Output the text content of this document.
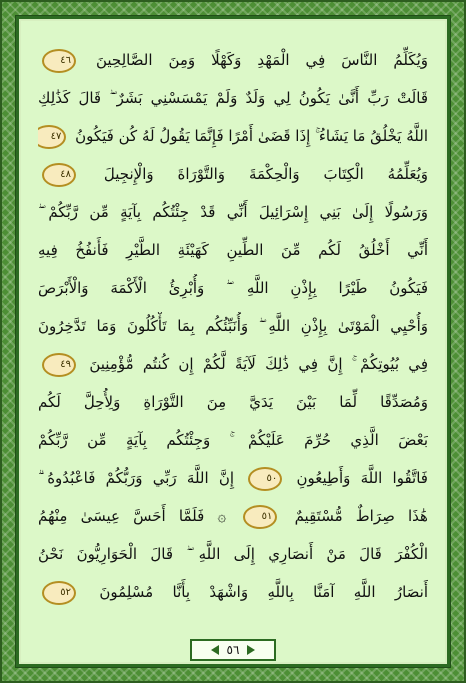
وَيُكَلِّمُ النَّاسَ فِي الْمَهْدِ وَكَهْلًا وَمِنَ الصَّالِحِينَ ٤٦
قَالَتْ رَبِّ أَنَّىٰ يَكُونُ لِي وَلَدٌ وَلَمْ يَمْسَسْنِي بَشَرٌ ۖ قَالَ كَذَٰلِكِ
اللَّهُ يَخْلُقُ مَا يَشَاءُ ۚ إِذَا قَضَىٰ أَمْرًا فَإِنَّمَا يَقُولُ لَهُ كُن فَيَكُونُ ٤٧
وَيُعَلِّمُهُ الْكِتَابَ وَالْحِكْمَةَ وَالتَّوْرَاةَ وَالْإِنجِيلَ ٤٨
وَرَسُولًا إِلَىٰ بَنِي إِسْرَائِيلَ أَنِّي قَدْ جِئْتُكُم بِآيَةٍ مِّن رَّبِّكُمْ ۖ
أَنِّي أَخْلُقُ لَكُم مِّنَ الطِّينِ كَهَيْئَةِ الطَّيْرِ فَأَنفُخُ فِيهِ
فَيَكُونُ طَيْرًا بِإِذْنِ اللَّهِ ۖ وَأُبْرِئُ الْأَكْمَهَ وَالْأَبْرَصَ
وَأُحْيِي الْمَوْتَىٰ بِإِذْنِ اللَّهِ ۖ وَأُنَبِّئُكُم بِمَا تَأْكُلُونَ وَمَا تَدَّخِرُونَ
فِي بُيُوتِكُمْ ۚ إِنَّ فِي ذَٰلِكَ لَآيَةً لَّكُمْ إِن كُنتُم مُّؤْمِنِينَ ٤٩
وَمُصَدِّقًا لِّمَا بَيْنَ يَدَيَّ مِنَ التَّوْرَاةِ وَلِأُحِلَّ لَكُم
بَعْضَ الَّذِي حُرِّمَ عَلَيْكُمْ ۚ وَجِئْتُكُم بِآيَةٍ مِّن رَّبِّكُمْ
فَاتَّقُوا اللَّهَ وَأَطِيعُونِ ٥٠ إِنَّ اللَّهَ رَبِّي وَرَبُّكُمْ فَاعْبُدُوهُ ۗ
هَٰذَا صِرَاطٌ مُّسْتَقِيمٌ ٥١ ۞ فَلَمَّا أَحَسَّ عِيسَىٰ مِنْهُمُ
الْكُفْرَ قَالَ مَنْ أَنصَارِي إِلَى اللَّهِ ۖ قَالَ الْحَوَارِيُّونَ نَحْنُ
أَنصَارُ اللَّهِ آمَنَّا بِاللَّهِ وَاشْهَدْ بِأَنَّا مُسْلِمُونَ ٥٢
٥٦
